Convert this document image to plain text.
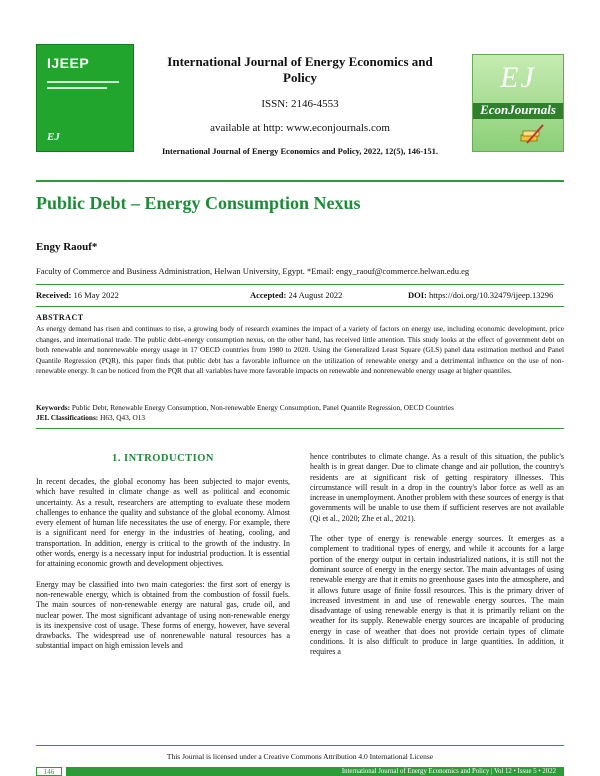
IJEEP
EJ
International Journal of Energy Economics and Policy
ISSN: 2146-4553
available at http: www.econjournals.com
International Journal of Energy Economics and Policy, 2022, 12(5), 146-151.
EJ
EconJournals
Public Debt – Energy Consumption Nexus
Engy Raouf*
Faculty of Commerce and Business Administration, Helwan University, Egypt. *Email: engy_raouf@commerce.helwan.edu.eg
Received: 16 May 2022	Accepted: 24 August 2022	DOI: https://doi.org/10.32479/ijeep.13296
ABSTRACT
As energy demand has risen and continues to rise, a growing body of research examines the impact of a variety of factors on energy use, including economic development, price changes, and international trade. The public debt–energy consumption nexus, on the other hand, has received little attention. This study looks at the effect of government debt on both renewable and nonrenewable energy usage in 17 OECD countries from 1980 to 2020. Using the Generalized Least Square (GLS) panel data estimation method and Panel Quantile Regression (PQR), this paper finds that public debt has a favorable influence on the utilization of renewable energy and a detrimental influence on the use of non-renewable energy. It can be noticed from the PQR that all variables have more favorable impacts on renewable and nonrenewable energy usage at higher quantiles.
Keywords: Public Debt, Renewable Energy Consumption, Non-renewable Energy Consumption, Panel Quantile Regression, OECD Countries
JEL Classifications: H63, Q43, O13
1. INTRODUCTION

In recent decades, the global economy has been subjected to major events, which have resulted in climate change as well as political and economic uncertainty. As a result, researchers are attempting to evaluate these modern challenges to enhance the quality and substance of the global economy. Almost every element of human life necessitates the use of energy. For example, there is a significant need for energy in the industries of heating, cooling, and transportation. In addition, energy is critical to the growth of the industry. In other words, energy is a necessary input for industrial production. It is essential for attaining economic growth and development objectives.

Energy may be classified into two main categories: the first sort of energy is non-renewable energy, which is obtained from the combustion of fossil fuels. The main sources of non-renewable energy are natural gas, crude oil, and nuclear power. The most significant advantage of using non-renewable energy is its inexpensive cost of usage. These forms of energy, however, have several drawbacks. The widespread use of nonrenewable natural resources has a substantial impact on high emission levels and

hence contributes to climate change. As a result of this situation, the public's health is in great danger. Due to climate change and air pollution, the country's residents are at significant risk of getting respiratory illnesses. This circumstance will result in a drop in the country's labor force as well as an increase in unemployment. Another problem with these sources of energy is that governments will be unable to use them if sufficient reserves are not available (Qi et al., 2020; Zhe et al., 2021).

The other type of energy is renewable energy sources. It emerges as a complement to traditional types of energy, and while it accounts for a large portion of the energy output in certain industrialized nations, it is still not the dominant source of energy in the energy sector. The main advantages of using renewable energy are that it emits no greenhouse gases into the atmosphere, and it allows future usage of finite fossil resources. This is the primary driver of increased investment in and use of renewable energy sources. The main disadvantage of using renewable energy is that it is primarily reliant on the weather for its supply. Renewable energy sources are incapable of producing energy in case of weather that does not provide certain types of climate conditions. It is also difficult to produce in large quantities. In addition, it requires a

This Journal is licensed under a Creative Commons Attribution 4.0 International License
146	International Journal of Energy Economics and Policy | Vol 12 • Issue 5 • 2022
